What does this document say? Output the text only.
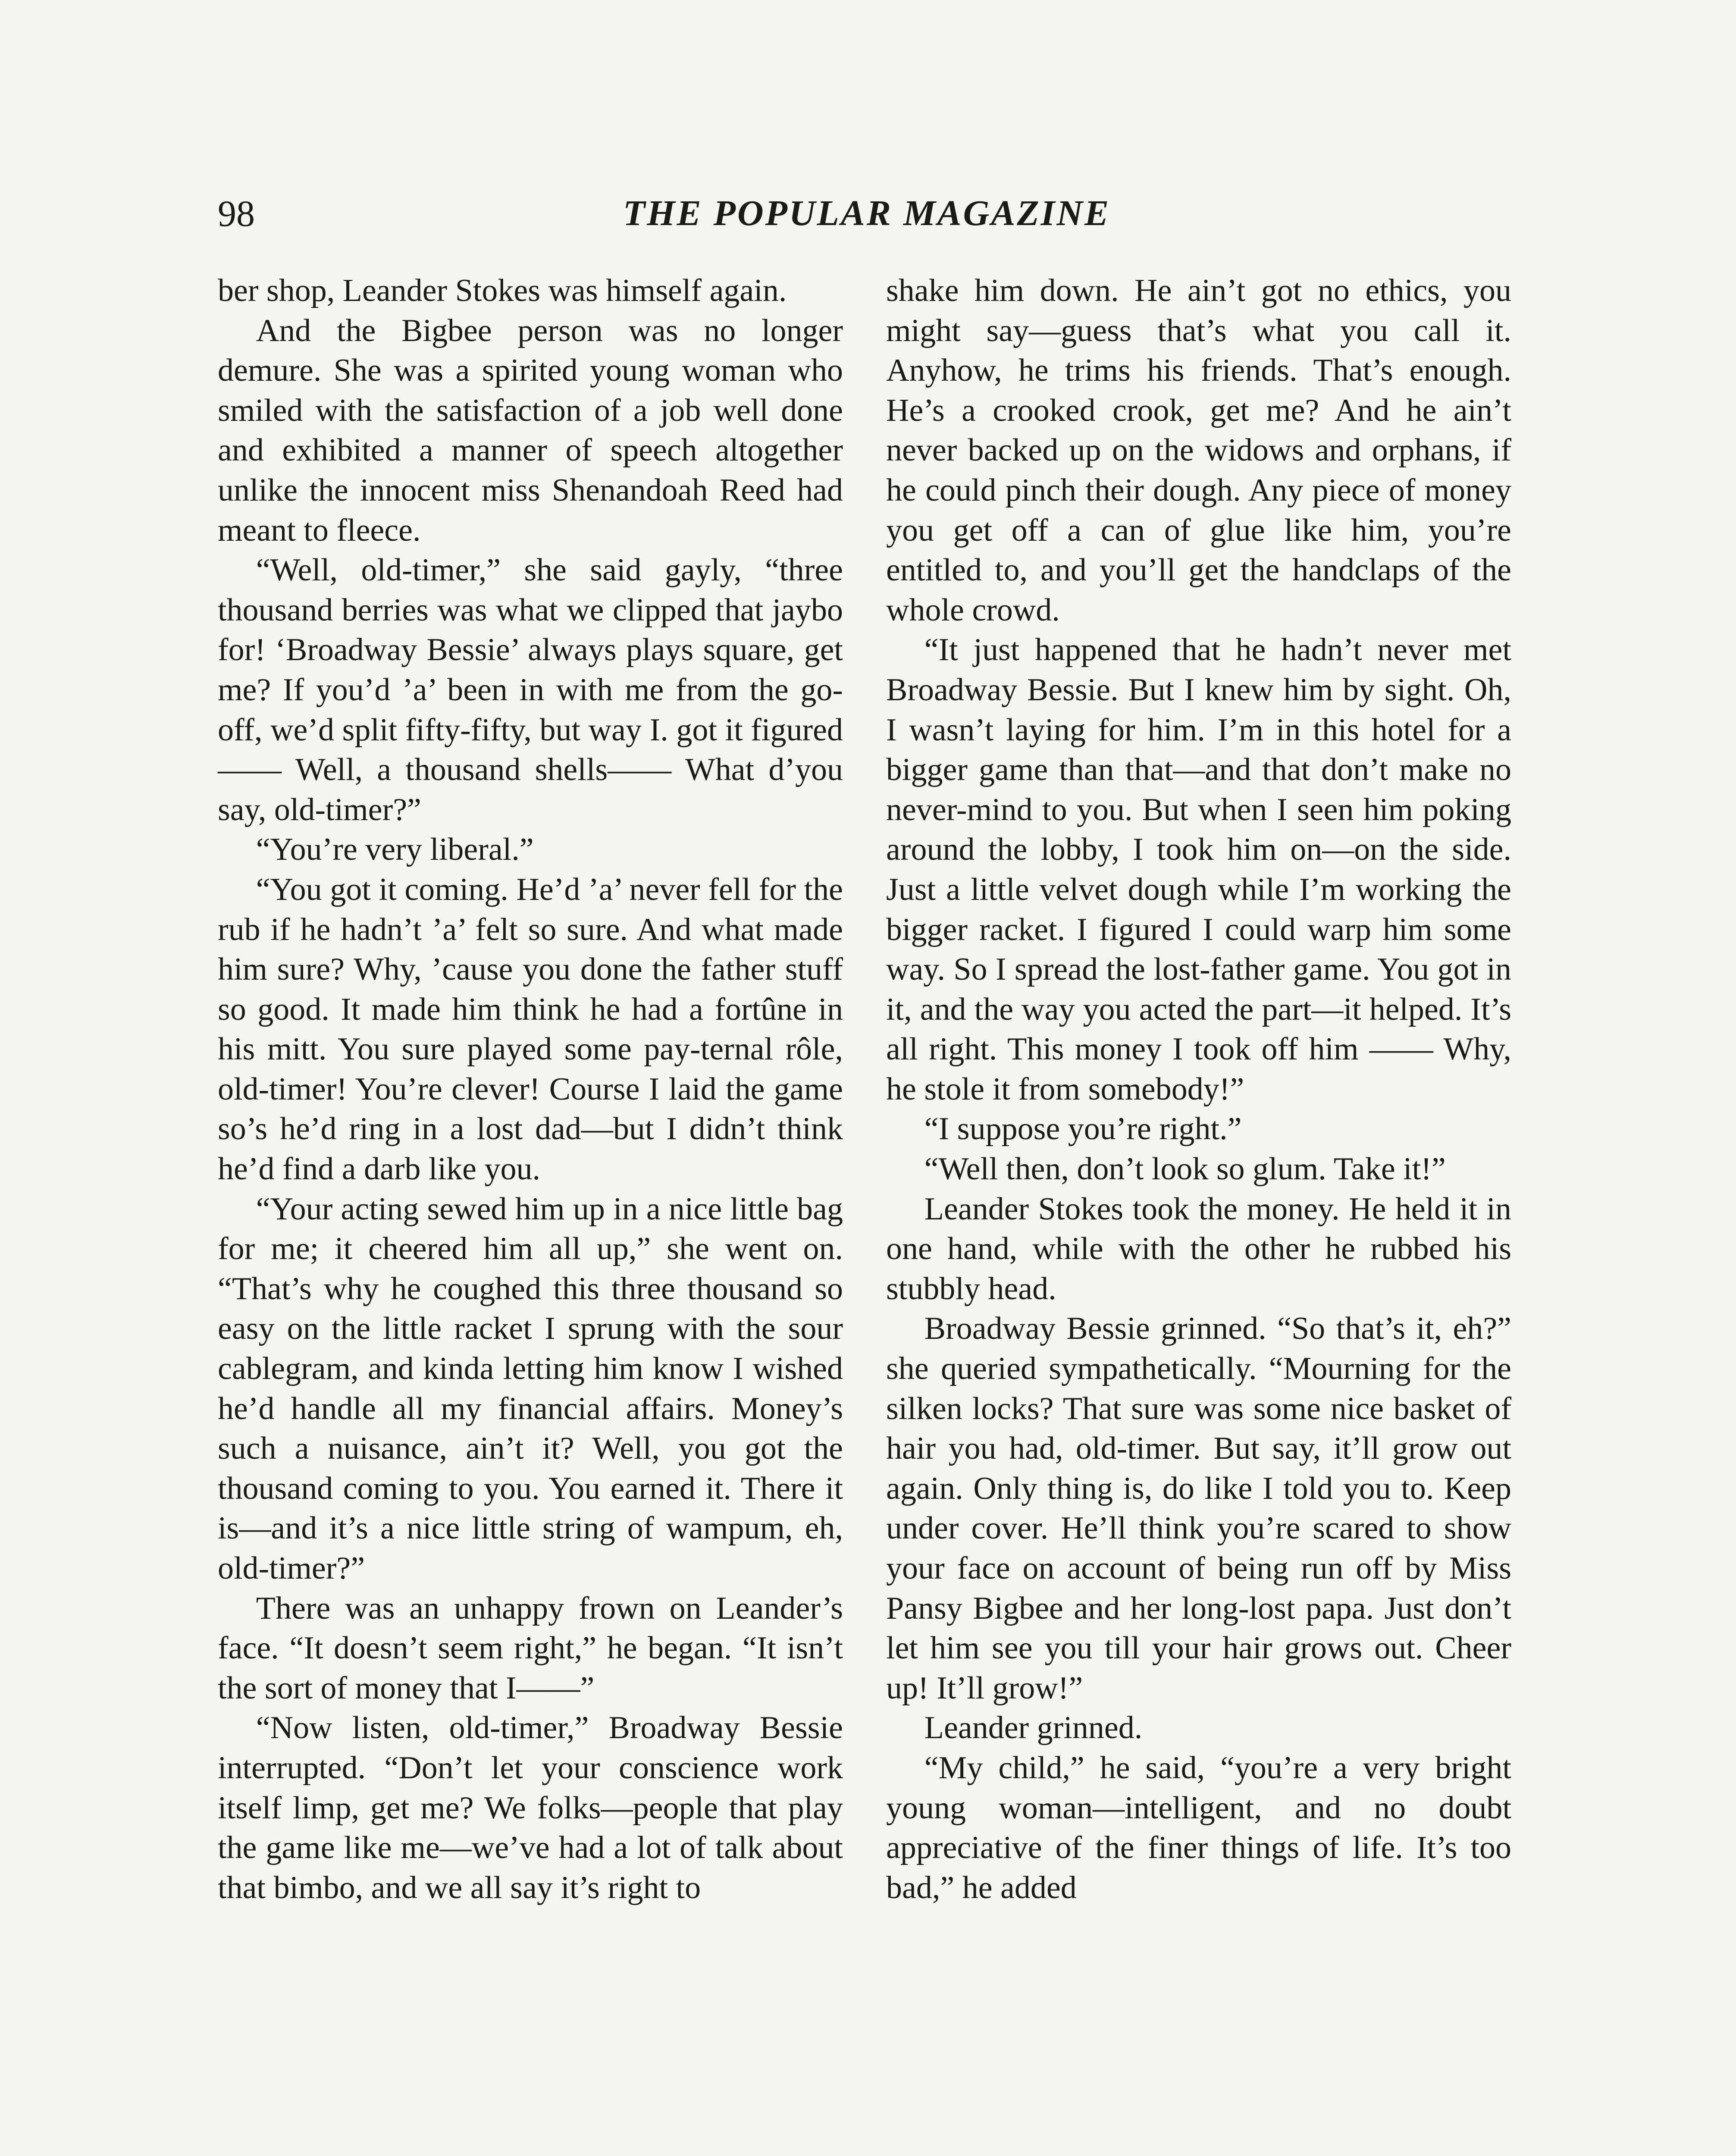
98	THE POPULAR MAGAZINE

ber shop, Leander Stokes was himself again.

And the Bigbee person was no longer demure. She was a spirited young woman who smiled with the satisfaction of a job well done and exhibited a manner of speech altogether unlike the innocent miss Shenandoah Reed had meant to fleece.

“Well, old-timer,” she said gayly, “three thousand berries was what we clipped that jaybo for! ‘Broadway Bessie’ always plays square, get me? If you’d ’a’ been in with me from the go-off, we’d split fifty-fifty, but way I. got it figured—— Well, a thousand shells—— What d’you say, old-timer?”

“You’re very liberal.”

“You got it coming. He’d ’a’ never fell for the rub if he hadn’t ’a’ felt so sure. And what made him sure? Why, ’cause you done the father stuff so good. It made him think he had a fortûne in his mitt. You sure played some pay-ternal rôle, old-timer! You’re clever! Course I laid the game so’s he’d ring in a lost dad—but I didn’t think he’d find a darb like you.

“Your acting sewed him up in a nice little bag for me; it cheered him all up,” she went on. “That’s why he coughed this three thousand so easy on the little racket I sprung with the sour cablegram, and kinda letting him know I wished he’d handle all my financial affairs. Money’s such a nuisance, ain’t it? Well, you got the thousand coming to you. You earned it. There it is—and it’s a nice little string of wampum, eh, old-timer?”

There was an unhappy frown on Leander’s face. “It doesn’t seem right,” he began. “It isn’t the sort of money that I——”

“Now listen, old-timer,” Broadway Bessie interrupted. “Don’t let your conscience work itself limp, get me? We folks—people that play the game like me—we’ve had a lot of talk about that bimbo, and we all say it’s right to

shake him down. He ain’t got no ethics, you might say—guess that’s what you call it. Anyhow, he trims his friends. That’s enough. He’s a crooked crook, get me? And he ain’t never backed up on the widows and orphans, if he could pinch their dough. Any piece of money you get off a can of glue like him, you’re entitled to, and you’ll get the handclaps of the whole crowd.

“It just happened that he hadn’t never met Broadway Bessie. But I knew him by sight. Oh, I wasn’t laying for him. I’m in this hotel for a bigger game than that—and that don’t make no never-mind to you. But when I seen him poking around the lobby, I took him on—on the side. Just a little velvet dough while I’m working the bigger racket. I figured I could warp him some way. So I spread the lost-father game. You got in it, and the way you acted the part—it helped. It’s all right. This money I took off him —— Why, he stole it from somebody!”

“I suppose you’re right.”

“Well then, don’t look so glum. Take it!”

Leander Stokes took the money. He held it in one hand, while with the other he rubbed his stubbly head.

Broadway Bessie grinned. “So that’s it, eh?” she queried sympathetically. “Mourning for the silken locks? That sure was some nice basket of hair you had, old-timer. But say, it’ll grow out again. Only thing is, do like I told you to. Keep under cover. He’ll think you’re scared to show your face on account of being run off by Miss Pansy Bigbee and her long-lost papa. Just don’t let him see you till your hair grows out. Cheer up! It’ll grow!”

Leander grinned.

“My child,” he said, “you’re a very bright young woman—intelligent, and no doubt appreciative of the finer things of life. It’s too bad,” he added
